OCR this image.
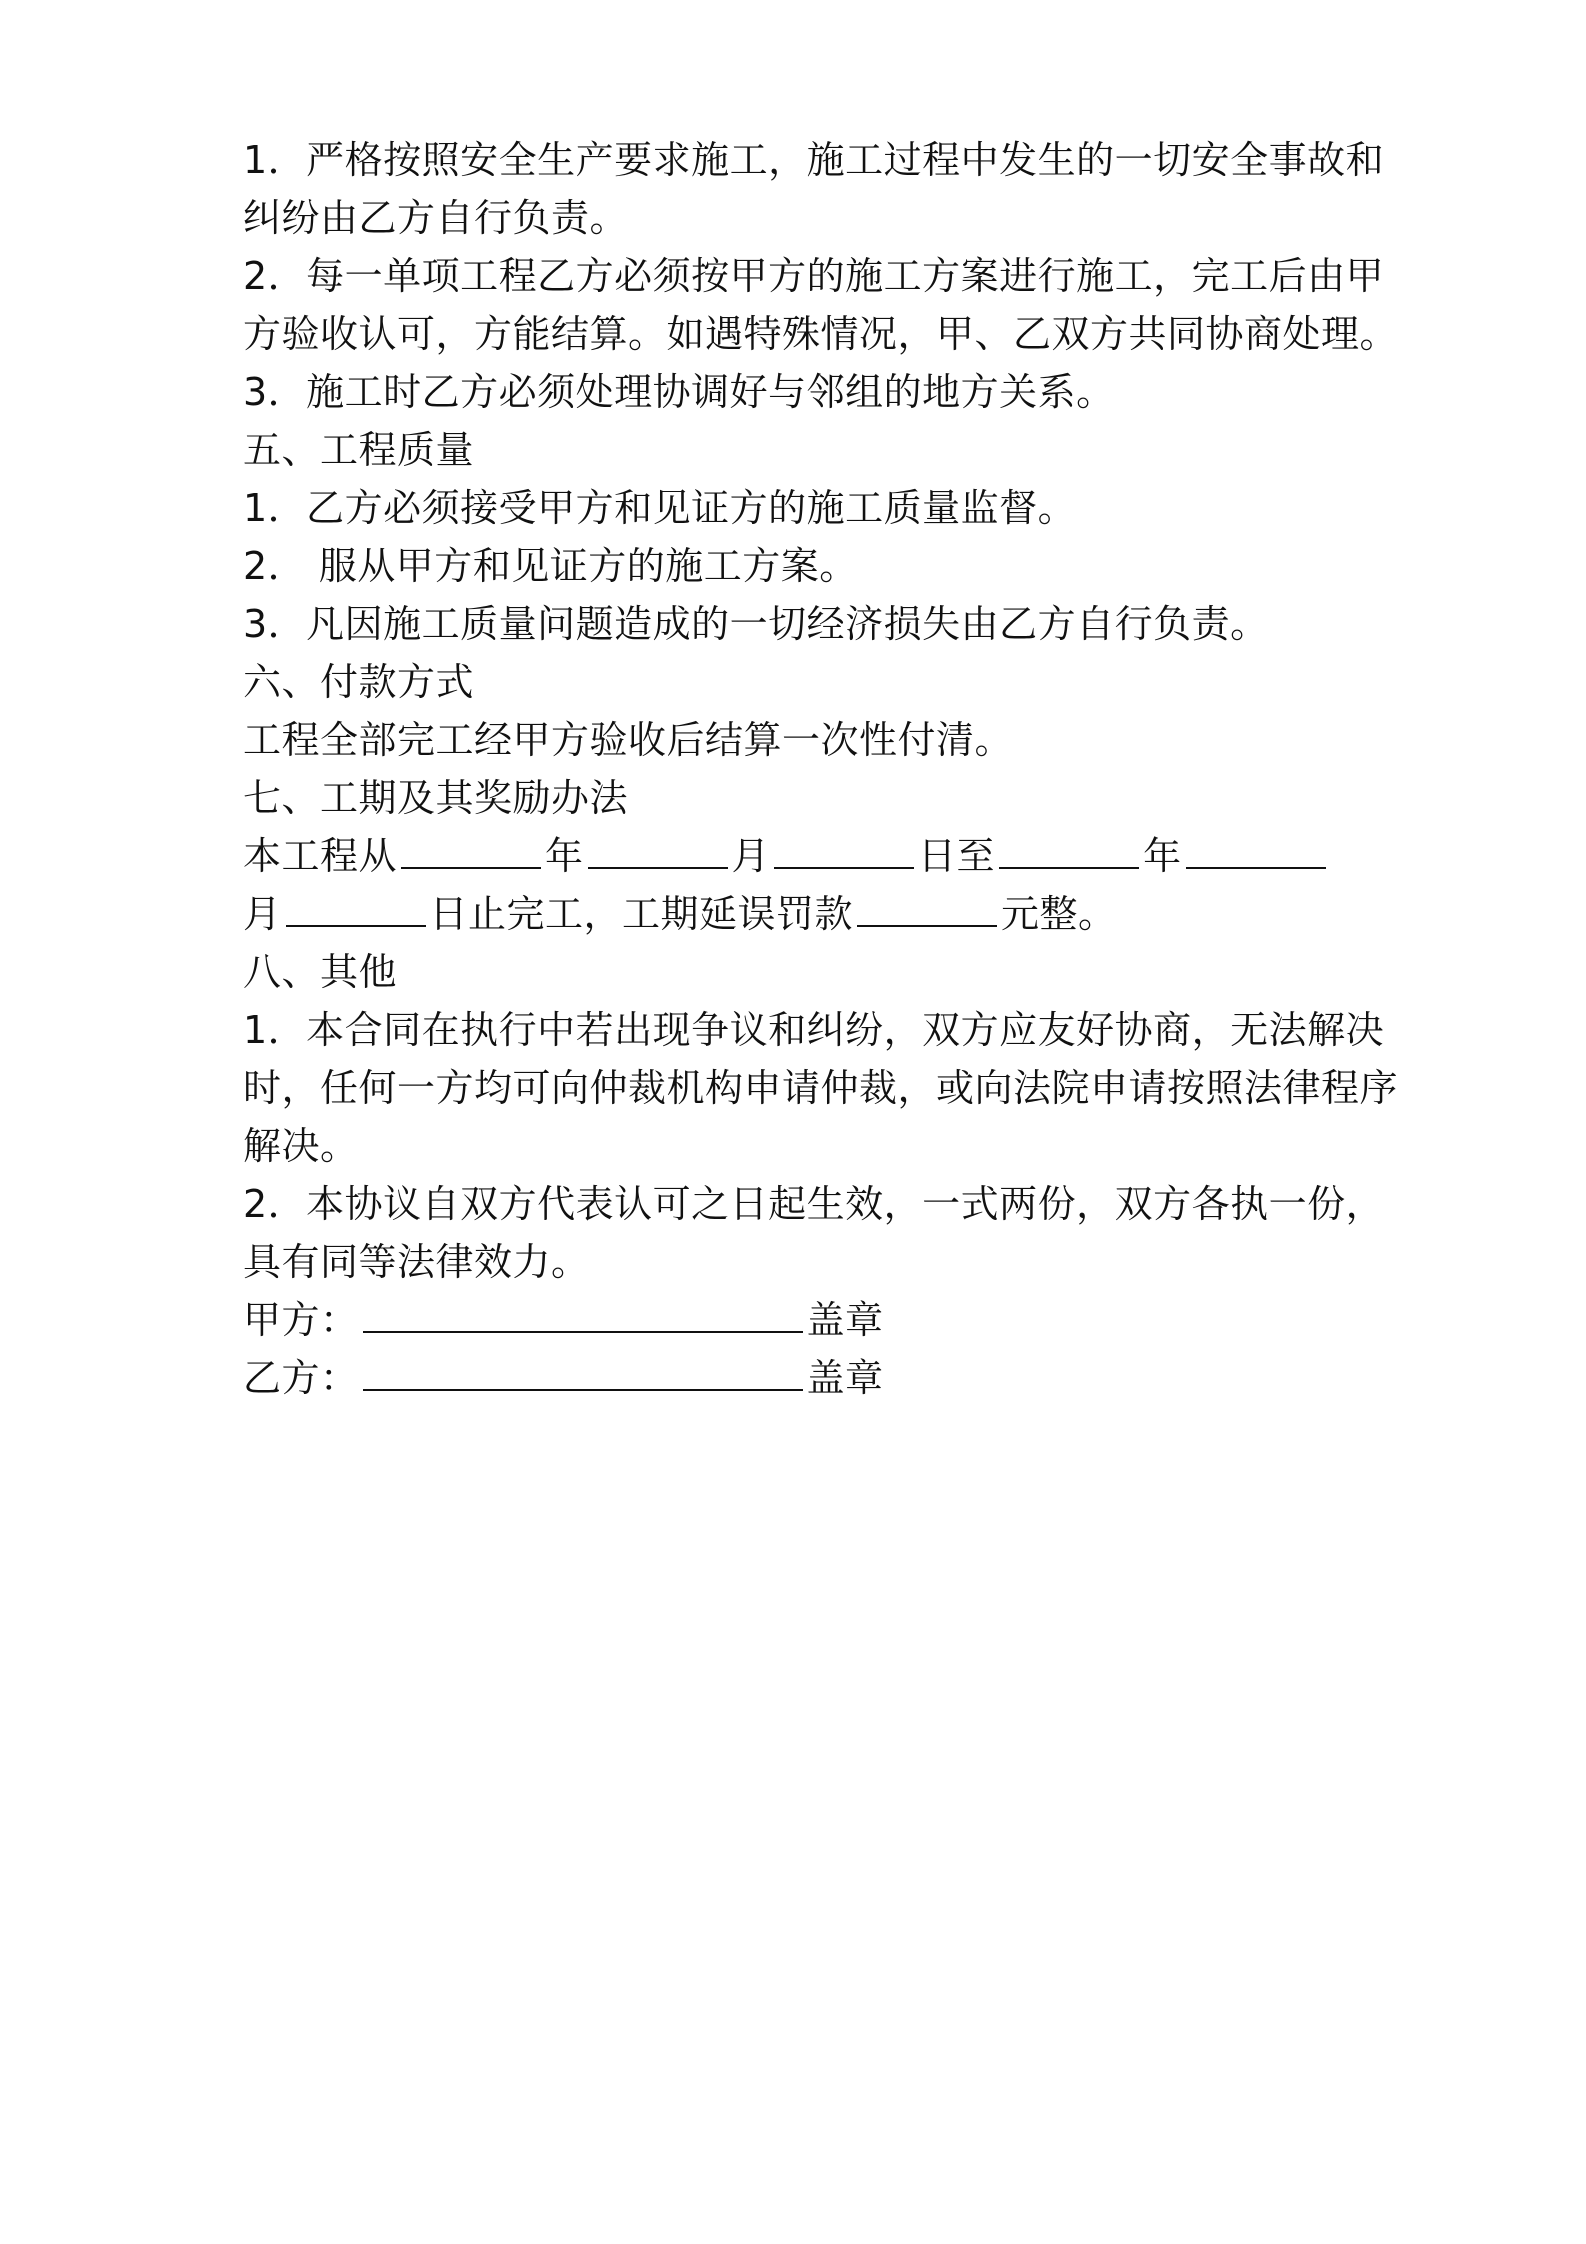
1．严格按照安全生产要求施工，施工过程中发生的一切安全事故和
纠纷由乙方自行负责。
2．每一单项工程乙方必须按甲方的施工方案进行施工，完工后由甲
方验收认可，方能结算。如遇特殊情况，甲、乙双方共同协商处理。
3．施工时乙方必须处理协调好与邻组的地方关系。
五、工程质量
1．乙方必须接受甲方和见证方的施工质量监督。
2． 服从甲方和见证方的施工方案。
3．凡因施工质量问题造成的一切经济损失由乙方自行负责。
六、付款方式
工程全部完工经甲方验收后结算一次性付清。
七、工期及其奖励办法
本工程从	年	月	日至	年
月	日止完工，工期延误罚款	元整。
八、其他
1．本合同在执行中若出现争议和纠纷，双方应友好协商，无法解决
时，任何一方均可向仲裁机构申请仲裁，或向法院申请按照法律程序
解决。
2．本协议自双方代表认可之日起生效，一式两份，双方各执一份，
具有同等法律效力。
甲方：	盖章
乙方：	盖章
